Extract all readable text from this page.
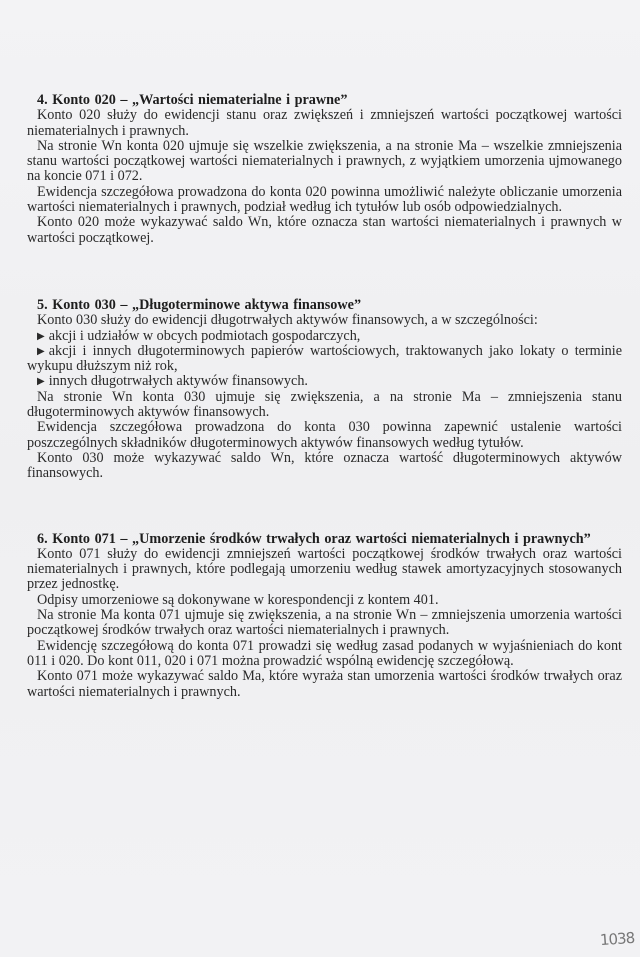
4. Konto 020 – „Wartości niematerialne i prawne”

Konto 020 służy do ewidencji stanu oraz zwiększeń i zmniejszeń wartości początkowej wartości niematerialnych i prawnych.

Na stronie Wn konta 020 ujmuje się wszelkie zwiększenia, a na stronie Ma – wszelkie zmniejszenia stanu wartości początkowej wartości niematerialnych i prawnych, z wyjątkiem umorzenia ujmowanego na koncie 071 i 072.

Ewidencja szczegółowa prowadzona do konta 020 powinna umożliwić należyte obliczanie umorzenia wartości niematerialnych i prawnych, podział według ich tytułów lub osób odpowiedzialnych.

Konto 020 może wykazywać saldo Wn, które oznacza stan wartości niematerialnych i prawnych w wartości początkowej.

5. Konto 030 – „Długoterminowe aktywa finansowe”

Konto 030 służy do ewidencji długotrwałych aktywów finansowych, a w szczególności:

▶ akcji i udziałów w obcych podmiotach gospodarczych,

▶ akcji i innych długoterminowych papierów wartościowych, traktowanych jako lokaty o terminie wykupu dłuższym niż rok,

▶ innych długotrwałych aktywów finansowych.

Na stronie Wn konta 030 ujmuje się zwiększenia, a na stronie Ma – zmniejszenia stanu długoterminowych aktywów finansowych.

Ewidencja szczegółowa prowadzona do konta 030 powinna zapewnić ustalenie wartości poszczególnych składników długoterminowych aktywów finansowych według tytułów.

Konto 030 może wykazywać saldo Wn, które oznacza wartość długoterminowych aktywów finansowych.

6. Konto 071 – „Umorzenie środków trwałych oraz wartości niematerialnych i prawnych”

Konto 071 służy do ewidencji zmniejszeń wartości początkowej środków trwałych oraz wartości niematerialnych i prawnych, które podlegają umorzeniu według stawek amortyzacyjnych stosowanych przez jednostkę.

Odpisy umorzeniowe są dokonywane w korespondencji z kontem 401.

Na stronie Ma konta 071 ujmuje się zwiększenia, a na stronie Wn – zmniejszenia umorzenia wartości początkowej środków trwałych oraz wartości niematerialnych i prawnych.

Ewidencję szczegółową do konta 071 prowadzi się według zasad podanych w wyjaśnieniach do kont 011 i 020. Do kont 011, 020 i 071 można prowadzić wspólną ewidencję szczegółową.

Konto 071 może wykazywać saldo Ma, które wyraża stan umorzenia wartości środków trwałych oraz wartości niematerialnych i prawnych.

1038
